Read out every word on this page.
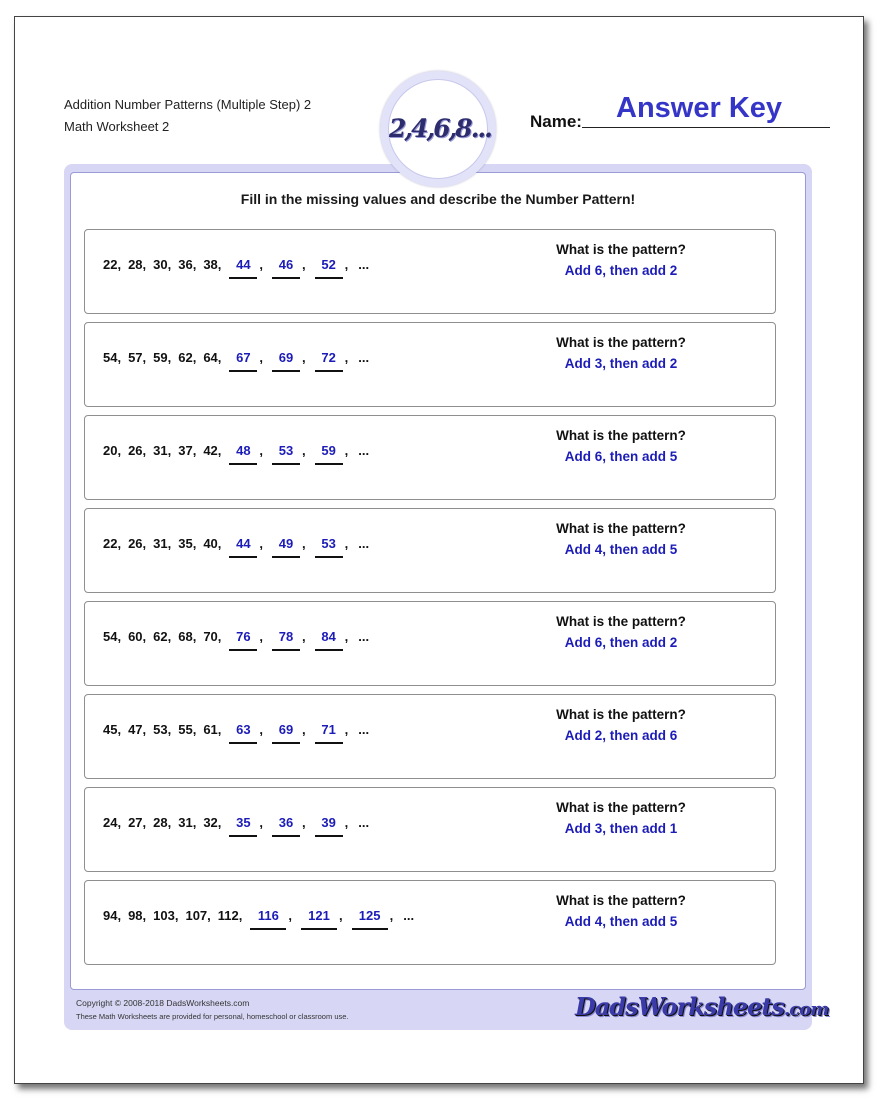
Addition Number Patterns (Multiple Step) 2
Math Worksheet 2	2,4,6,8... Name: Answer Key
Fill in the missing values and describe the Number Pattern!
22, 28, 30, 36, 38,	44 ,	46 ,	52 , ...
What is the pattern?
Add 6, then add 2
54, 57, 59, 62, 64,	67 ,	69 ,	72 , ...
What is the pattern?
Add 3, then add 2
20, 26, 31, 37, 42,	48 ,	53 ,	59 , ...
What is the pattern?
Add 6, then add 5
22, 26, 31, 35, 40,	44 ,	49 ,	53 , ...
What is the pattern?
Add 4, then add 5
54, 60, 62, 68, 70,	76 ,	78 ,	84 , ...
What is the pattern?
Add 6, then add 2
45, 47, 53, 55, 61,	63 ,	69 ,	71 , ...
What is the pattern?
Add 2, then add 6
24, 27, 28, 31, 32,	35 ,	36 ,	39 , ...
What is the pattern?
Add 3, then add 1
94, 98, 103, 107, 112,	116 ,	121 ,	125 , ...
What is the pattern?
Add 4, then add 5
Copyright © 2008-2018 DadsWorksheets.com
These Math Worksheets are provided for personal, homeschool or classroom use.	DadsWorksheets.com
